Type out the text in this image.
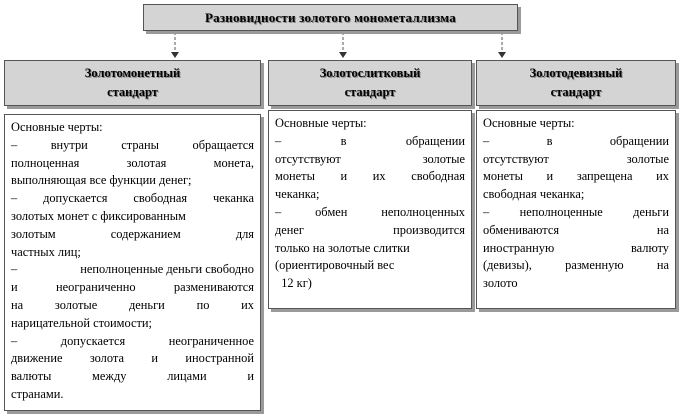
Разновидности золотого монометаллизма
Золотомонетный
стандарт
Золотослитковый
стандарт
Золотодевизный
стандарт
Основные черты:
–	внутри	страны	обращается
полноценная	золотая	монета,
выполняющая все функции денег;
– допускается свободная чеканка
золотых монет с фиксированным
золотым	содержанием	для
частных лиц;
–	неполноценные деньги свободно
и	неограниченно	размениваются
на	золотые	деньги	по	их
нарицательной стоимости;
–	допускается	неограниченное
движение золота и иностранной
валюты	между	лицами	и
странами.
Основные черты:
–	в	обращении
отсутствуют	золотые
монеты и их свободная
чеканка;
–	обмен	неполноценных
денег	производится
только на золотые слитки
(ориентировочный вес
12 кг)
Основные черты:
–	в	обращении
отсутствуют	золотые
монеты и запрещена их
свободная чеканка;
– неполноценные деньги
обмениваются	на
иностранную	валюту
(девизы),	разменную	на
золото
